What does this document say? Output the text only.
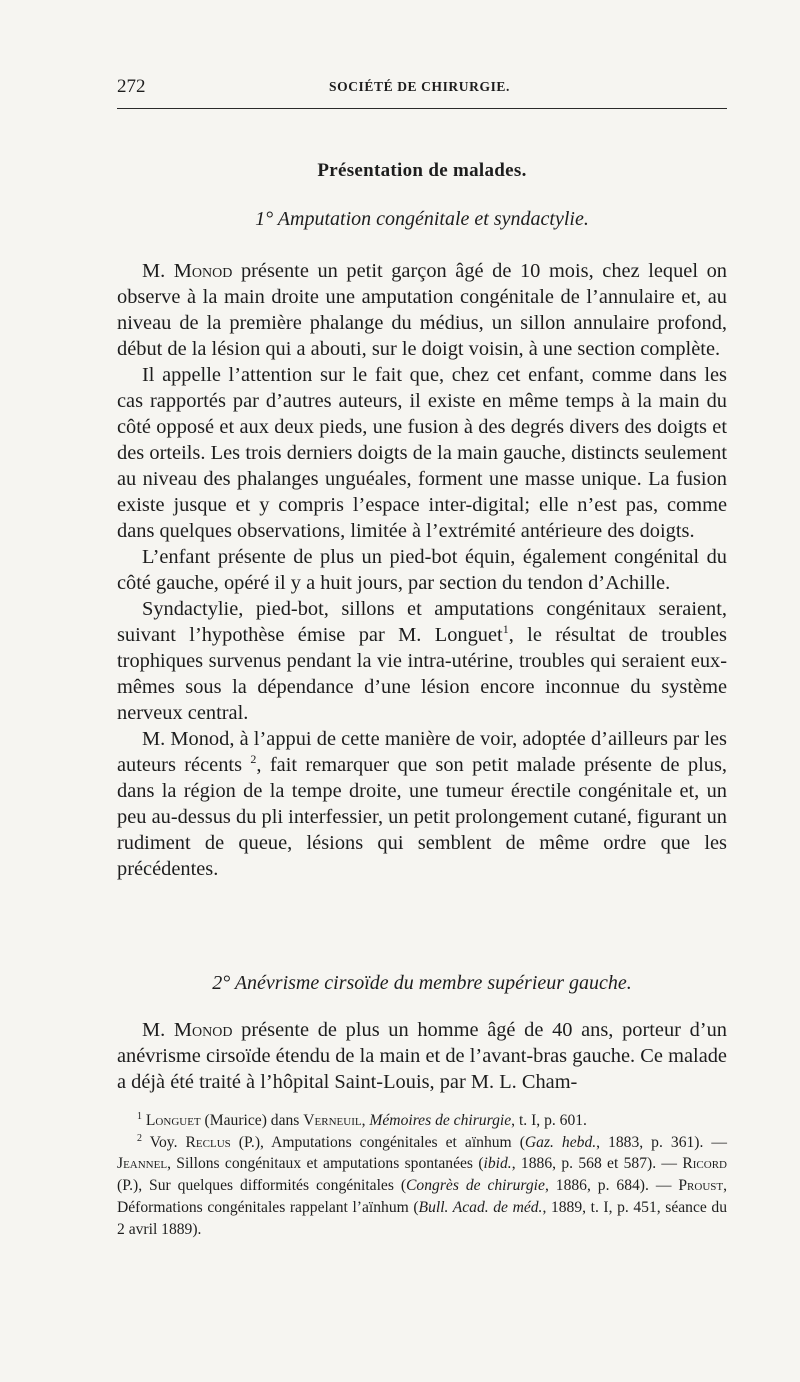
272	SOCIÉTÉ DE CHIRURGIE.
Présentation de malades.
1° Amputation congénitale et syndactylie.

M. Monod présente un petit garçon âgé de 10 mois, chez lequel on observe à la main droite une amputation congénitale de l’annulaire et, au niveau de la première phalange du médius, un sillon annulaire profond, début de la lésion qui a abouti, sur le doigt voisin, à une section complète.

Il appelle l’attention sur le fait que, chez cet enfant, comme dans les cas rapportés par d’autres auteurs, il existe en même temps à la main du côté opposé et aux deux pieds, une fusion à des degrés divers des doigts et des orteils. Les trois derniers doigts de la main gauche, distincts seulement au niveau des phalanges unguéales, forment une masse unique. La fusion existe jusque et y compris l’espace inter-digital; elle n’est pas, comme dans quelques observations, limitée à l’extrémité antérieure des doigts.

L’enfant présente de plus un pied-bot équin, également congénital du côté gauche, opéré il y a huit jours, par section du tendon d’Achille.

Syndactylie, pied-bot, sillons et amputations congénitaux seraient, suivant l’hypothèse émise par M. Longuet$^1$, le résultat de troubles trophiques survenus pendant la vie intra-utérine, troubles qui seraient eux-mêmes sous la dépendance d’une lésion encore inconnue du système nerveux central.

M. Monod, à l’appui de cette manière de voir, adoptée d’ailleurs par les auteurs récents $^2$, fait remarquer que son petit malade présente de plus, dans la région de la tempe droite, une tumeur érectile congénitale et, un peu au-dessus du pli interfessier, un petit prolongement cutané, figurant un rudiment de queue, lésions qui semblent de même ordre que les précédentes.

2° Anévrisme cirsoïde du membre supérieur gauche.

M. Monod présente de plus un homme âgé de 40 ans, porteur d’un anévrisme cirsoïde étendu de la main et de l’avant-bras gauche. Ce malade a déjà été traité à l’hôpital Saint-Louis, par M. L. Cham-

$^1$ Longuet (Maurice) dans Verneuil, Mémoires de chirurgie, t. I, p. 601.

$^2$ Voy. Reclus (P.), Amputations congénitales et aïnhum (Gaz. hebd., 1883, p. 361). — Jeannel, Sillons congénitaux et amputations spontanées (ibid., 1886, p. 568 et 587). — Ricord (P.), Sur quelques difformités congénitales (Congrès de chirurgie, 1886, p. 684). — Proust, Déformations congénitales rappelant l’aïnhum (Bull. Acad. de méd., 1889, t. I, p. 451, séance du 2 avril 1889).
